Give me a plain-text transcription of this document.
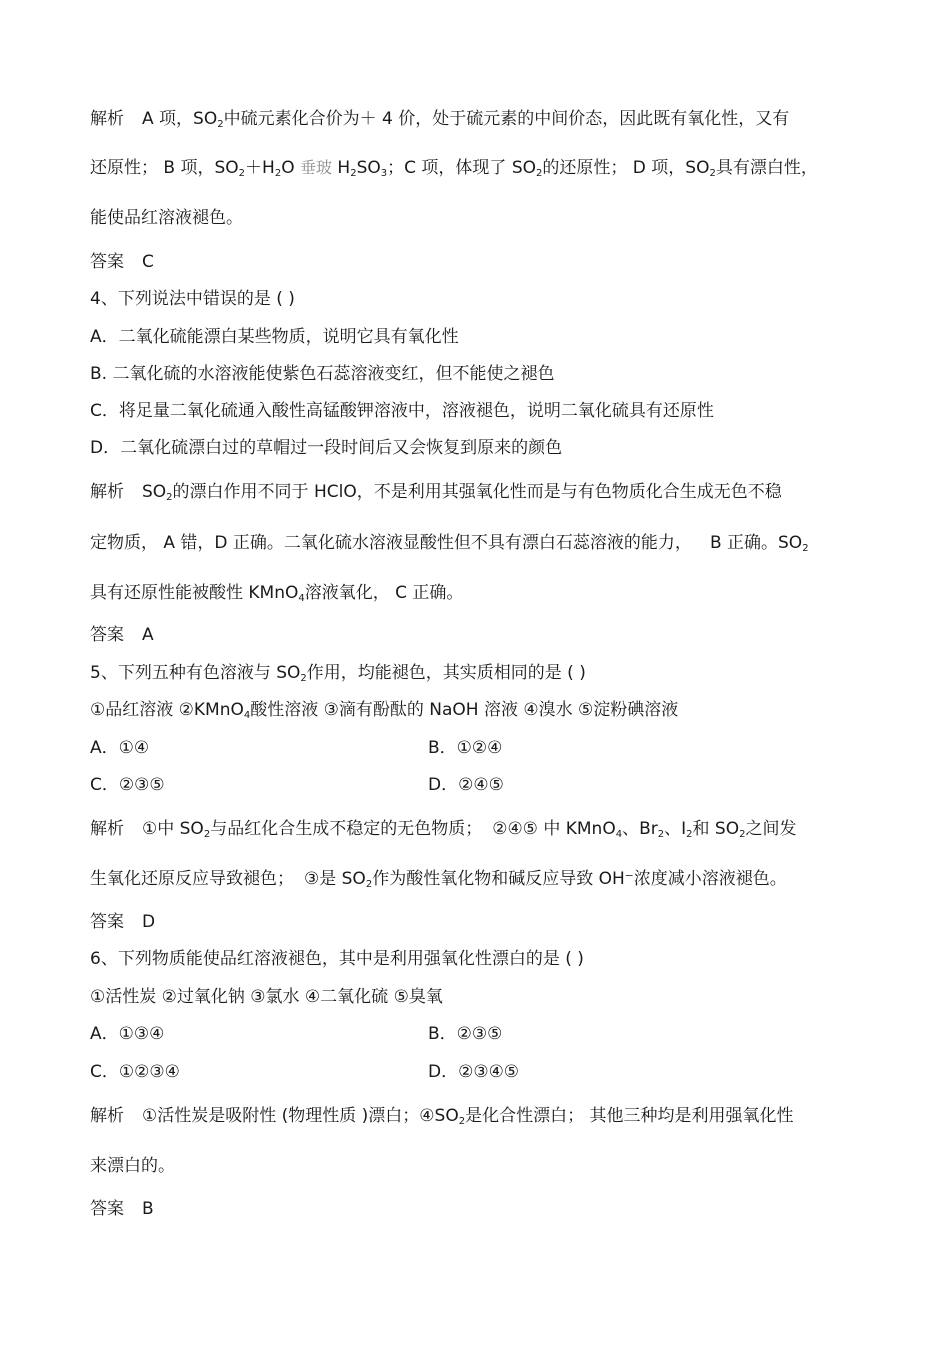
解析 A 项，$SO_2$中硫元素化合价为＋ 4 价，处于硫元素的中间价态，因此既有氧化性，又有
还原性； B 项，$SO_2+H_2O$ 垂玻 $H_2SO_3$；C 项，体现了 $SO_2$的还原性； D 项，$SO_2$具有漂白性，
能使品红溶液褪色。
答案 C
4、下列说法中错误的是 ( )
A．二氧化硫能漂白某些物质，说明它具有氧化性
B. 二氧化硫的水溶液能使紫色石蕊溶液变红，但不能使之褪色
C．将足量二氧化硫通入酸性高锰酸钾溶液中，溶液褪色，说明二氧化硫具有还原性
D．二氧化硫漂白过的草帽过一段时间后又会恢复到原来的颜色
解析 $SO_2$的漂白作用不同于 HClO，不是利用其强氧化性而是与有色物质化合生成无色不稳
定物质， A 错，D 正确。二氧化硫水溶液显酸性但不具有漂白石蕊溶液的能力， B 正确。$SO_2$
具有还原性能被酸性 KMnO$_4$溶液氧化， C 正确。
答案 A
5、下列五种有色溶液与 $SO_2$作用，均能褪色，其实质相同的是 ( )
①品红溶液 ②KMnO$_4$酸性溶液 ③滴有酚酞的 NaOH 溶液 ④溴水 ⑤淀粉碘溶液
A．①④	B．①②④
C．②③⑤	D．②④⑤
解析 ①中 $SO_2$与品红化合生成不稳定的无色物质； ②④⑤ 中 KMnO$_4$、$Br_2$、$I_2$和 $SO_2$之间发
生氧化还原反应导致褪色； ③是 $SO_2$作为酸性氧化物和碱反应导致 OH⁻浓度减小溶液褪色。
答案 D
6、下列物质能使品红溶液褪色，其中是利用强氧化性漂白的是 ( )
①活性炭 ②过氧化钠 ③氯水 ④二氧化硫 ⑤臭氧
A．①③④	B．②③⑤
C．①②③④	D．②③④⑤
解析 ①活性炭是吸附性 (物理性质 )漂白；$④SO_2$是化合性漂白； 其他三种均是利用强氧化性
来漂白的。
答案 B
